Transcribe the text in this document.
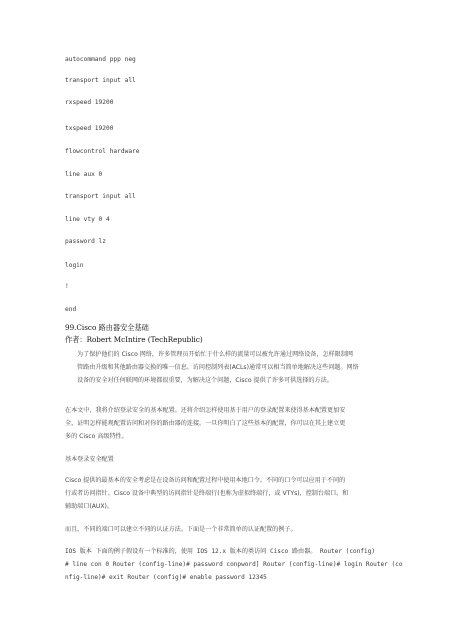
autocommand ppp neg
transport input all
rxspeed 19200
txspeed 19200
flowcontrol hardware
line aux 0
transport input all
line vty 0 4
password lz
login
!
end
99.Cisco 路由器安全基础
作者：Robert McIntire (TechRepublic)
为了保护他们的 Cisco 网络，许多管理员开始忙于什么样的流量可以被允许通过网络设备，怎样限制网
管路由升级和其他路由器交换的唯一信息。访问控制列表(ACLs)通常可以相当简单地解决这些问题。网络
设备的安全对任何联网的环境都很重要，为解决这个问题，Cisco 提供了许多可供选择的方法。
在本文中，我将介绍登录安全的基本配置。还将介绍怎样使用基于用户的登录配置来使得基本配置更加安
全，证明怎样能观配置访问和对你的路由器的连接。一旦你明白了这些基本的配置，你可以在其上建立更
多的 Cisco 高级特性。
基本登录安全配置
Cisco 提供的最基本的安全考虑是在设备访问和配置过程中使用本地口令。不同的口令可以应用于不同的
行或者访问指针。Cisco 设备中典型的访问指针是终端行(也称为虚拟终端行，或 VTYs)，控制台端口，和
辅助端口(AUX)。
而且，不同的端口可以建立不同的认证方法。下面是一个非常简单的认证配置的例子。
IOS 版本 下面的例子假设有一个标准的，使用 IOS 12.x 版本的类访问 Cisco 路由器。 Router (config)
# line con 0 Router (config-line)# password conpword] Router (config-line)# login Router (co
nfig-line)# exit Router (config)# enable password 12345
